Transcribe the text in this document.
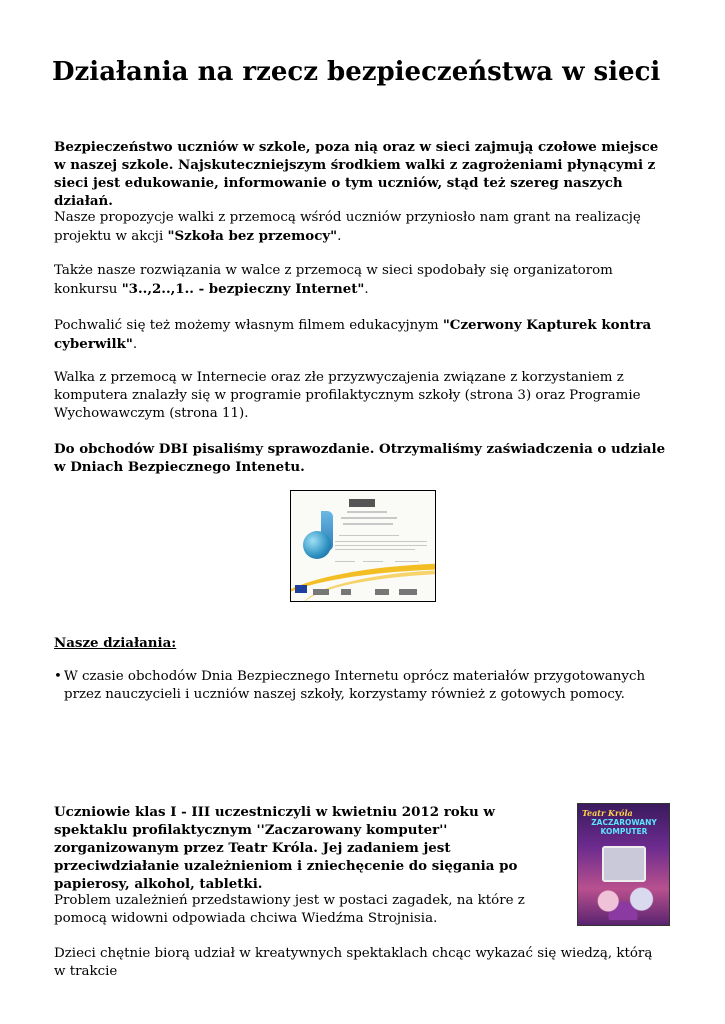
Działania na rzecz bezpieczeństwa w sieci

Bezpieczeństwo uczniów w szkole, poza nią oraz w sieci zajmują czołowe miejsce w naszej szkole. Najskuteczniejszym środkiem walki z zagrożeniami płynącymi z sieci jest edukowanie, informowanie o tym uczniów, stąd też szereg naszych działań.

Nasze propozycje walki z przemocą wśród uczniów przyniosło nam grant na realizację projektu w akcji "Szkoła bez przemocy".

Także nasze rozwiązania w walce z przemocą w sieci spodobały się organizatorom konkursu "3..,2..,1.. - bezpieczny Internet".

Pochwalić się też możemy własnym filmem edukacyjnym "Czerwony Kapturek kontra cyberwilk".

Walka z przemocą w Internecie oraz złe przyzwyczajenia związane z korzystaniem z komputera znalazły się w programie profilaktycznym szkoły (strona 3) oraz Programie Wychowawczym (strona 11).

Do obchodów DBI pisaliśmy sprawozdanie. Otrzymaliśmy zaświadczenia o udziale w Dniach Bezpiecznego Intenetu.

Nasze działania:

• W czasie obchodów Dnia Bezpiecznego Internetu oprócz materiałów przygotowanych przez nauczycieli i uczniów naszej szkoły, korzystamy również z gotowych pomocy.

Uczniowie klas I - III uczestniczyli w kwietniu 2012 roku w spektaklu profilaktycznym ''Zaczarowany komputer'' zorganizowanym przez Teatr Króla. Jej zadaniem jest przeciwdziałanie uzależnieniom i zniechęcenie do sięgania po papierosy, alkohol, tabletki.

Teatr Króla
ZACZAROWANY KOMPUTER

Problem uzależnień przedstawiony jest w postaci zagadek, na które z pomocą widowni odpowiada chciwa Wiedźma Strojnisia.

Dzieci chętnie biorą udział w kreatywnych spektaklach chcąc wykazać się wiedzą, którą w trakcie
